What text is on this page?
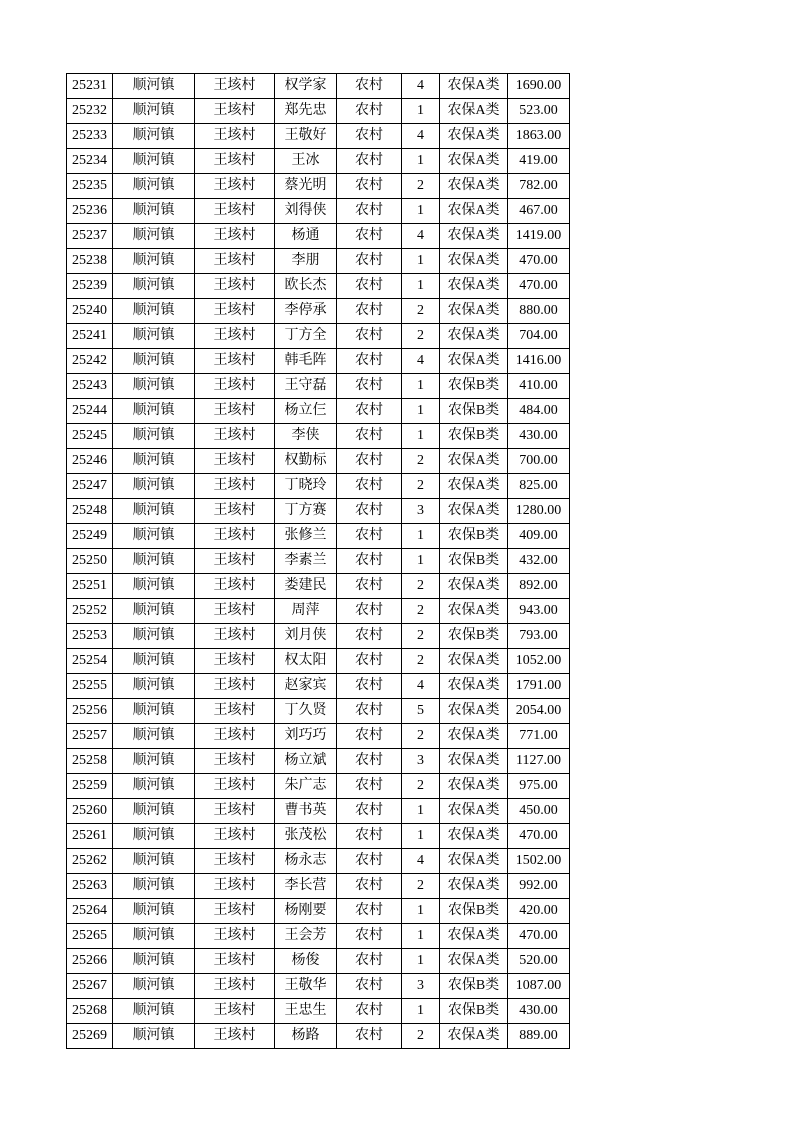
25231	顺河镇	王垓村	权学家	农村	4	农保A类	1690.00
25232	顺河镇	王垓村	郑先忠	农村	1	农保A类	523.00
25233	顺河镇	王垓村	王敬好	农村	4	农保A类	1863.00
25234	顺河镇	王垓村	王冰	农村	1	农保A类	419.00
25235	顺河镇	王垓村	蔡光明	农村	2	农保A类	782.00
25236	顺河镇	王垓村	刘得侠	农村	1	农保A类	467.00
25237	顺河镇	王垓村	杨通	农村	4	农保A类	1419.00
25238	顺河镇	王垓村	李朋	农村	1	农保A类	470.00
25239	顺河镇	王垓村	欧长杰	农村	1	农保A类	470.00
25240	顺河镇	王垓村	李停承	农村	2	农保A类	880.00
25241	顺河镇	王垓村	丁方全	农村	2	农保A类	704.00
25242	顺河镇	王垓村	韩毛阵	农村	4	农保A类	1416.00
25243	顺河镇	王垓村	王守磊	农村	1	农保B类	410.00
25244	顺河镇	王垓村	杨立仨	农村	1	农保B类	484.00
25245	顺河镇	王垓村	李侠	农村	1	农保B类	430.00
25246	顺河镇	王垓村	权勤标	农村	2	农保A类	700.00
25247	顺河镇	王垓村	丁晓玲	农村	2	农保A类	825.00
25248	顺河镇	王垓村	丁方赛	农村	3	农保A类	1280.00
25249	顺河镇	王垓村	张修兰	农村	1	农保B类	409.00
25250	顺河镇	王垓村	李素兰	农村	1	农保B类	432.00
25251	顺河镇	王垓村	娄建民	农村	2	农保A类	892.00
25252	顺河镇	王垓村	周萍	农村	2	农保A类	943.00
25253	顺河镇	王垓村	刘月侠	农村	2	农保B类	793.00
25254	顺河镇	王垓村	权太阳	农村	2	农保A类	1052.00
25255	顺河镇	王垓村	赵家宾	农村	4	农保A类	1791.00
25256	顺河镇	王垓村	丁久贤	农村	5	农保A类	2054.00
25257	顺河镇	王垓村	刘巧巧	农村	2	农保A类	771.00
25258	顺河镇	王垓村	杨立斌	农村	3	农保A类	1127.00
25259	顺河镇	王垓村	朱广志	农村	2	农保A类	975.00
25260	顺河镇	王垓村	曹书英	农村	1	农保A类	450.00
25261	顺河镇	王垓村	张茂松	农村	1	农保A类	470.00
25262	顺河镇	王垓村	杨永志	农村	4	农保A类	1502.00
25263	顺河镇	王垓村	李长营	农村	2	农保A类	992.00
25264	顺河镇	王垓村	杨刚要	农村	1	农保B类	420.00
25265	顺河镇	王垓村	王会芳	农村	1	农保A类	470.00
25266	顺河镇	王垓村	杨俊	农村	1	农保A类	520.00
25267	顺河镇	王垓村	王敬华	农村	3	农保B类	1087.00
25268	顺河镇	王垓村	王忠生	农村	1	农保B类	430.00
25269	顺河镇	王垓村	杨路	农村	2	农保A类	889.00
